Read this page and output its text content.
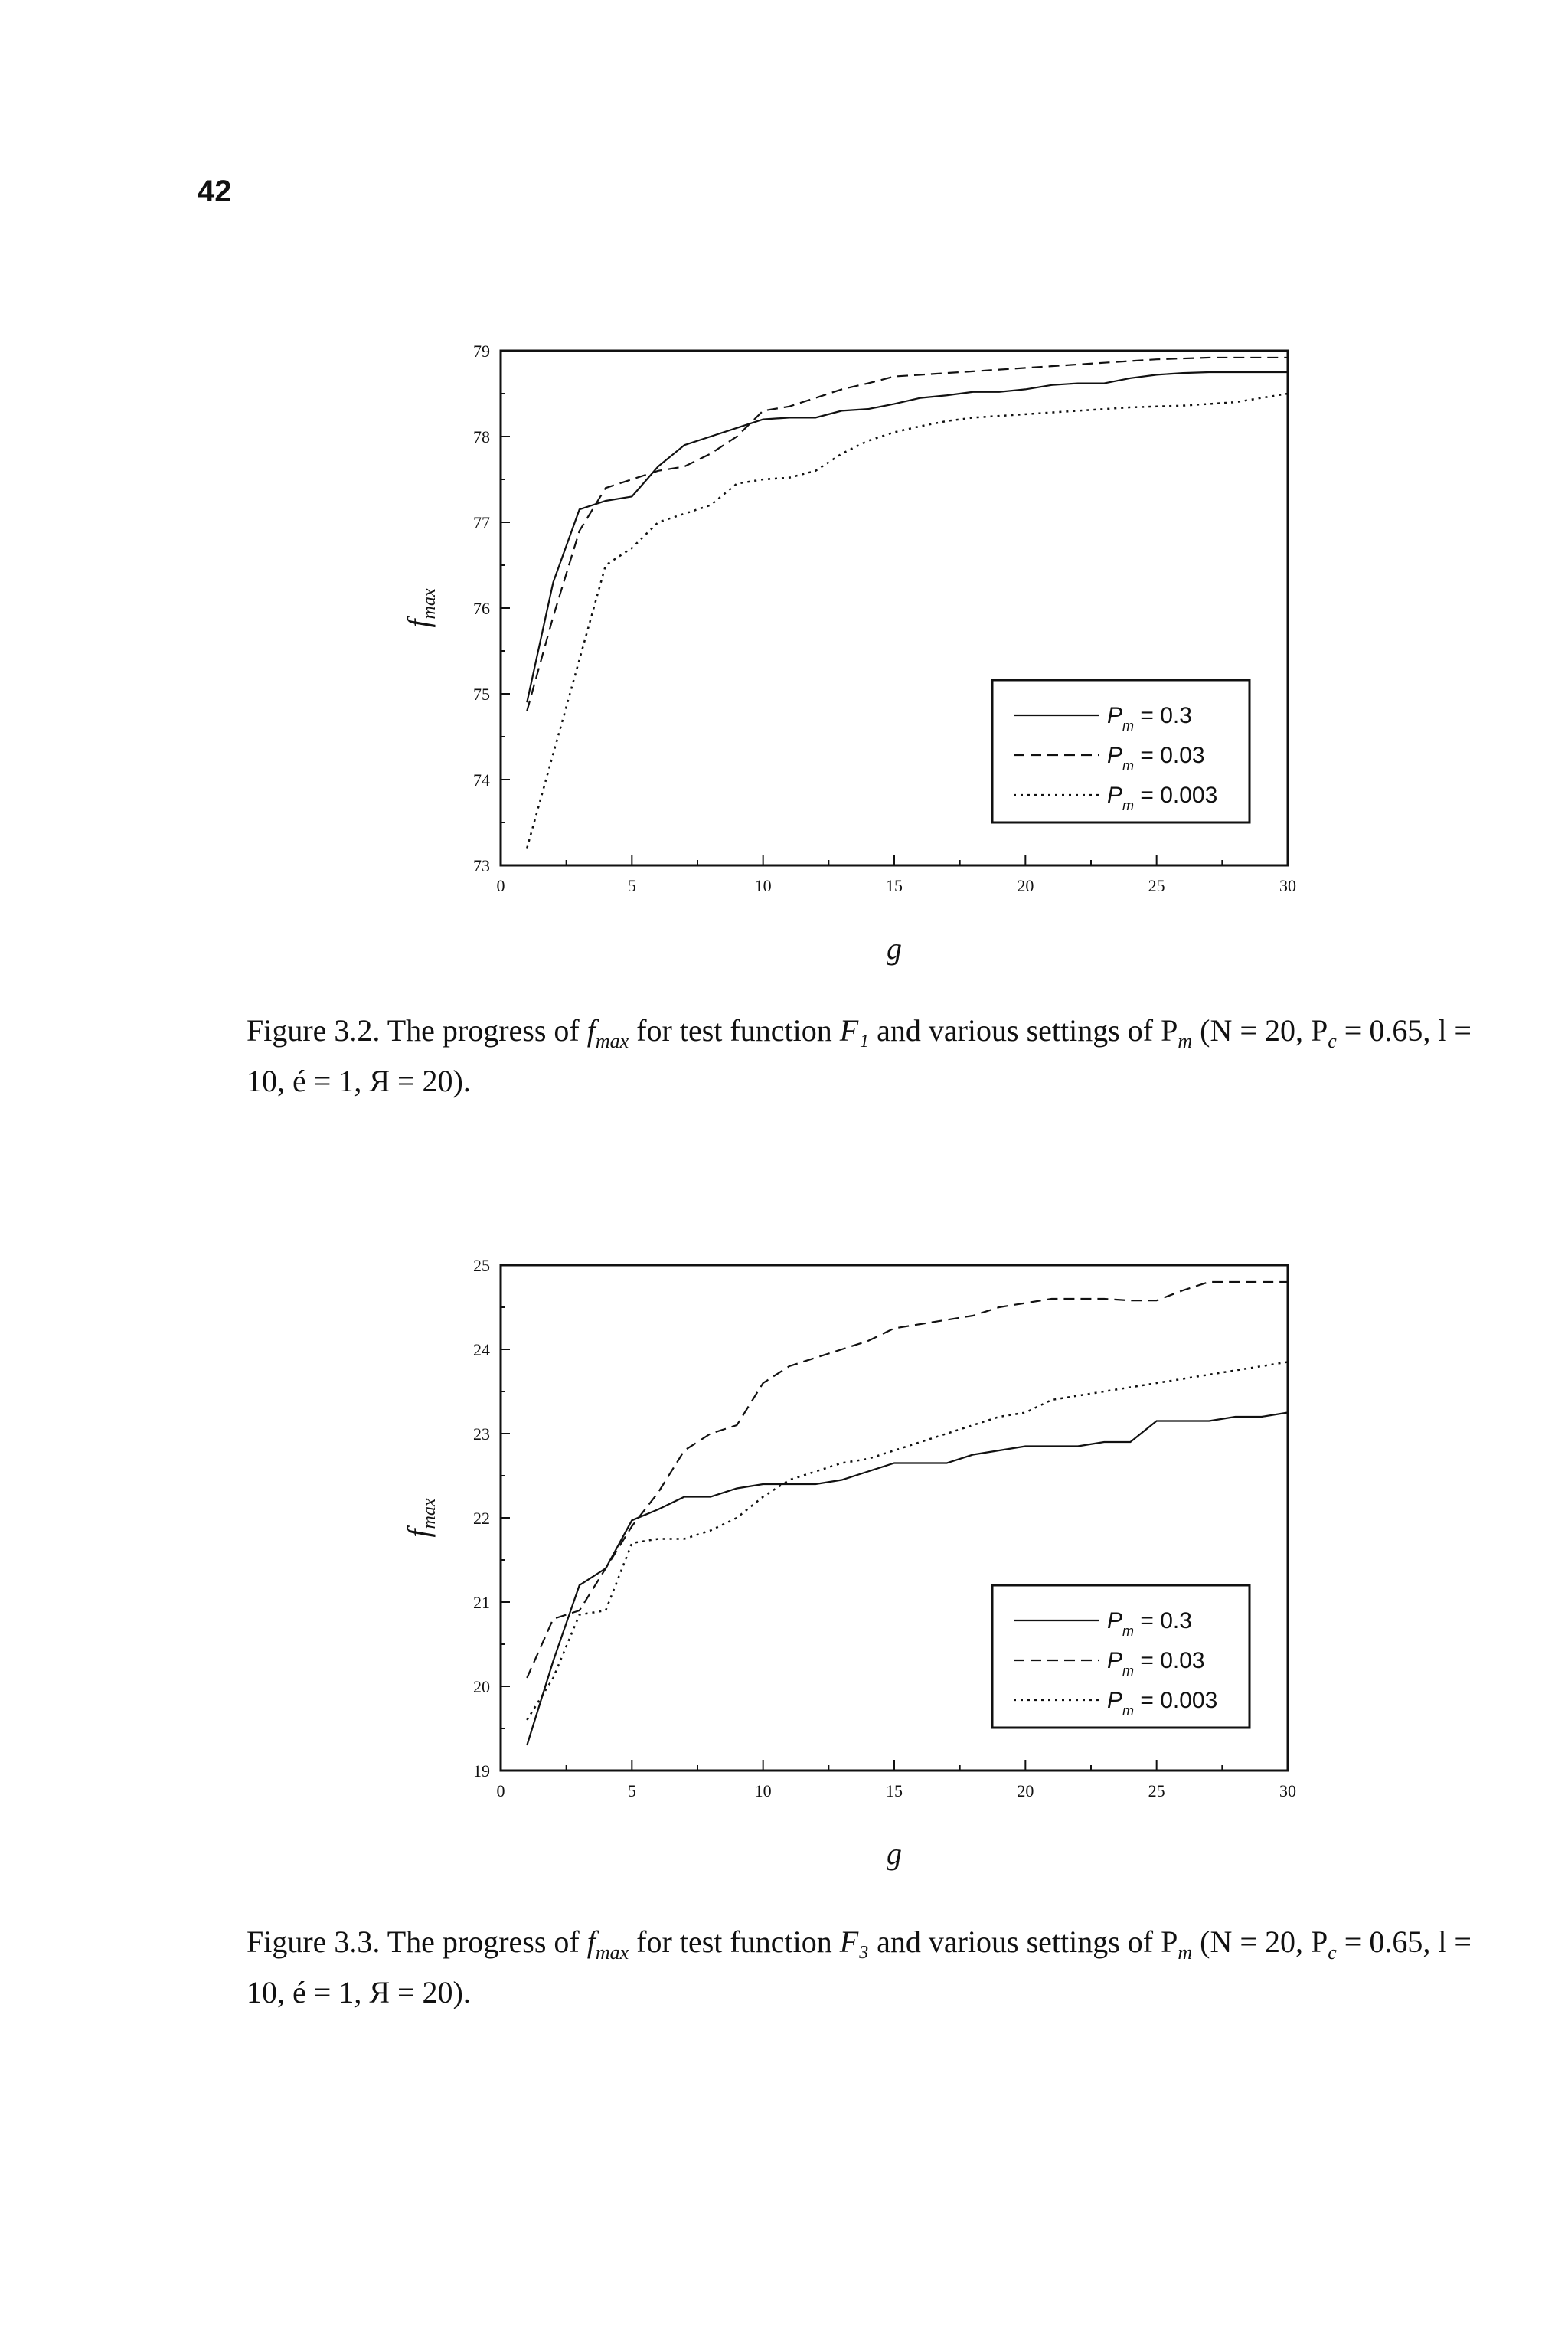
42
73
74
75
76
77
78
79
0	5	10	15	20	25	30
g
$f_{max}$
$P_m = 0.3$
$P_m = 0.03$
$P_m = 0.003$
Figure 3.2. The progress of $f_{max}$ for test function F₁ and various settings of $P_m$ (N = 20, $P_c = 0.65$, l = 10, é = 1, Я = 20).
19
20
21
22
23
24
25
0	5	10	15	20	25	30
g
$f_{max}$
$P_m = 0.3$
$P_m = 0.03$
$P_m = 0.003$
Figure 3.3. The progress of $f_{max}$ for test function F₃ and various settings of $P_m$ (N = 20, $P_c = 0.65$, l = 10, é = 1, Я = 20).
